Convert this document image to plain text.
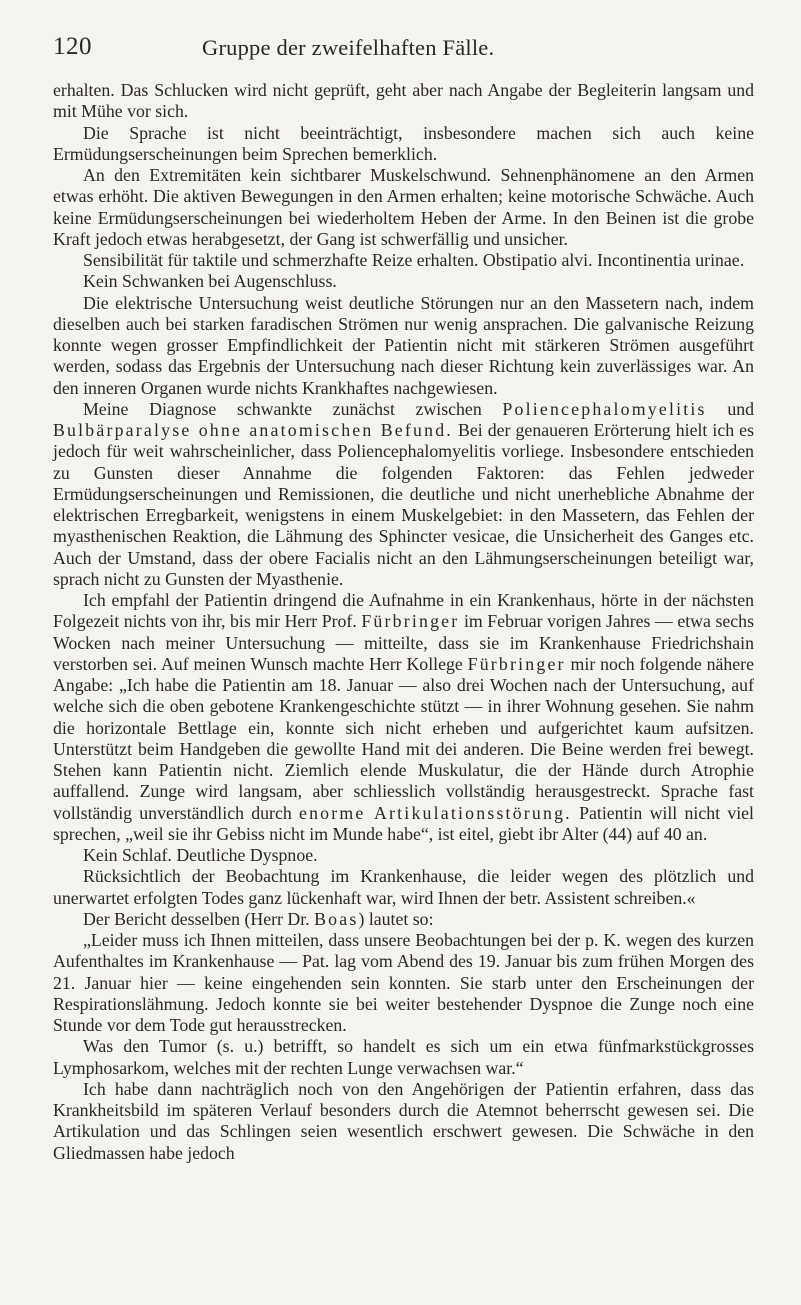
120	Gruppe der zweifelhaften Fälle.

erhalten. Das Schlucken wird nicht geprüft, geht aber nach Angabe der Begleiterin langsam und mit Mühe vor sich.

Die Sprache ist nicht beeinträchtigt, insbesondere machen sich auch keine Ermüdungserscheinungen beim Sprechen bemerklich.

An den Extremitäten kein sichtbarer Muskelschwund. Sehnenphänomene an den Armen etwas erhöht. Die aktiven Bewegungen in den Armen erhalten; keine motorische Schwäche. Auch keine Ermüdungserscheinungen bei wiederholtem Heben der Arme. In den Beinen ist die grobe Kraft jedoch etwas herabgesetzt, der Gang ist schwerfällig und unsicher.

Sensibilität für taktile und schmerzhafte Reize erhalten. Obstipatio alvi. Incontinentia urinae.

Kein Schwanken bei Augenschluss.

Die elektrische Untersuchung weist deutliche Störungen nur an den Massetern nach, indem dieselben auch bei starken faradischen Strömen nur wenig ansprachen. Die galvanische Reizung konnte wegen grosser Empfindlichkeit der Patientin nicht mit stärkeren Strömen ausgeführt werden, sodass das Ergebnis der Untersuchung nach dieser Richtung kein zuverlässiges war. An den inneren Organen wurde nichts Krankhaftes nachgewiesen.

Meine Diagnose schwankte zunächst zwischen Poliencephalomyelitis und Bulbärparalyse ohne anatomischen Befund. Bei der genaueren Erörterung hielt ich es jedoch für weit wahrscheinlicher, dass Poliencephalomyelitis vorliege. Insbesondere entschieden zu Gunsten dieser Annahme die folgenden Faktoren: das Fehlen jedweder Ermüdungserscheinungen und Remissionen, die deutliche und nicht unerhebliche Abnahme der elektrischen Erregbarkeit, wenigstens in einem Muskelgebiet: in den Massetern, das Fehlen der myasthenischen Reaktion, die Lähmung des Sphincter vesicae, die Unsicherheit des Ganges etc. Auch der Umstand, dass der obere Facialis nicht an den Lähmungserscheinungen beteiligt war, sprach nicht zu Gunsten der Myasthenie.

Ich empfahl der Patientin dringend die Aufnahme in ein Krankenhaus, hörte in der nächsten Folgezeit nichts von ihr, bis mir Herr Prof. Fürbringer im Februar vorigen Jahres — etwa sechs Wocken nach meiner Untersuchung — mitteilte, dass sie im Krankenhause Friedrichshain verstorben sei. Auf meinen Wunsch machte Herr Kollege Fürbringer mir noch folgende nähere Angabe: „Ich habe die Patientin am 18. Januar — also drei Wochen nach der Untersuchung, auf welche sich die oben gebotene Krankengeschichte stützt — in ihrer Wohnung gesehen. Sie nahm die horizontale Bettlage ein, konnte sich nicht erheben und aufgerichtet kaum aufsitzen. Unterstützt beim Handgeben die gewollte Hand mit dei anderen. Die Beine werden frei bewegt. Stehen kann Patientin nicht. Ziemlich elende Muskulatur, die der Hände durch Atrophie auffallend. Zunge wird langsam, aber schliesslich vollständig herausgestreckt. Sprache fast vollständig unverständlich durch enorme Artikulationsstörung. Patientin will nicht viel sprechen, „weil sie ihr Gebiss nicht im Munde habe“, ist eitel, giebt ibr Alter (44) auf 40 an.

Kein Schlaf. Deutliche Dyspnoe.

Rücksichtlich der Beobachtung im Krankenhause, die leider wegen des plötzlich und unerwartet erfolgten Todes ganz lückenhaft war, wird Ihnen der betr. Assistent schreiben.«

Der Bericht desselben (Herr Dr. Boas) lautet so:

„Leider muss ich Ihnen mitteilen, dass unsere Beobachtungen bei der p. K. wegen des kurzen Aufenthaltes im Krankenhause — Pat. lag vom Abend des 19. Januar bis zum frühen Morgen des 21. Januar hier — keine eingehenden sein konnten. Sie starb unter den Erscheinungen der Respirationslähmung. Jedoch konnte sie bei weiter bestehender Dyspnoe die Zunge noch eine Stunde vor dem Tode gut herausstrecken.

Was den Tumor (s. u.) betrifft, so handelt es sich um ein etwa fünfmarkstückgrosses Lymphosarkom, welches mit der rechten Lunge verwachsen war.“

Ich habe dann nachträglich noch von den Angehörigen der Patientin erfahren, dass das Krankheitsbild im späteren Verlauf besonders durch die Atemnot beherrscht gewesen sei. Die Artikulation und das Schlingen seien wesentlich erschwert gewesen. Die Schwäche in den Gliedmassen habe jedoch
